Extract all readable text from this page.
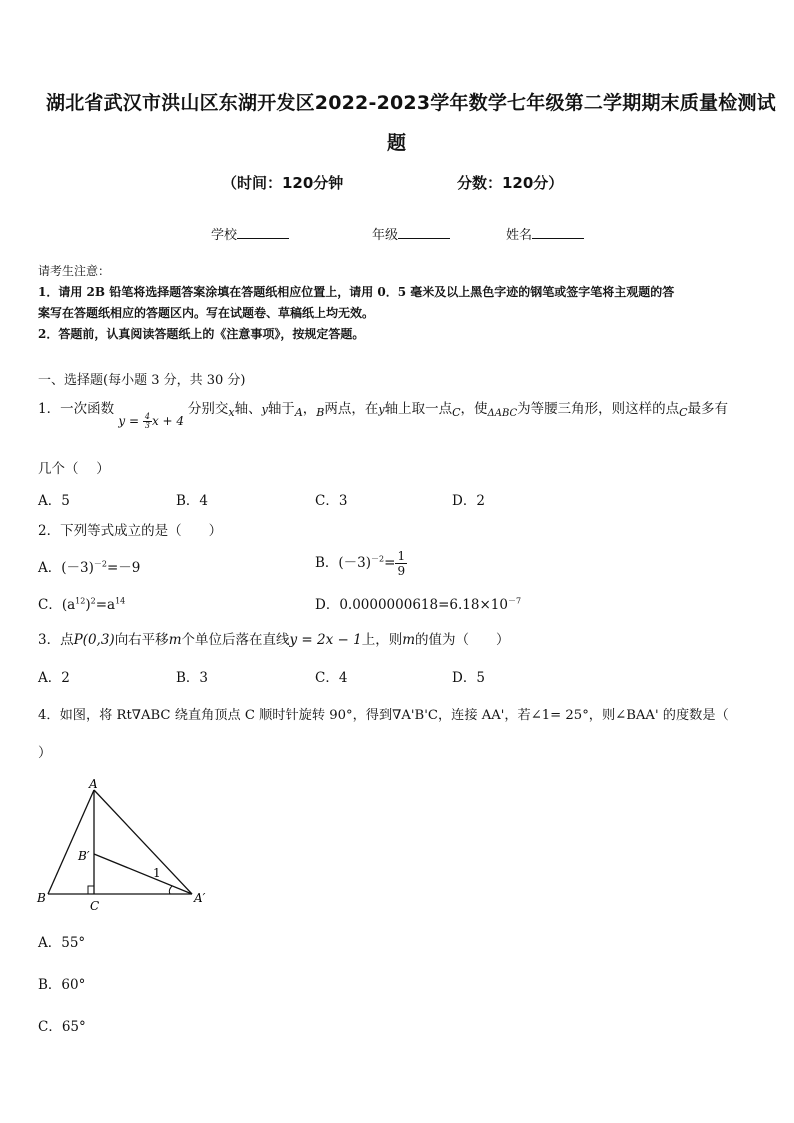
湖北省武汉市洪山区东湖开发区2022-2023学年数学七年级第二学期期末质量检测试
题
（时间：120分钟	分数：120分）
学校	年级	姓名
请考生注意：
1．请用 2B 铅笔将选择题答案涂填在答题纸相应位置上，请用 0．5 毫米及以上黑色字迹的钢笔或签字笔将主观题的答
案写在答题纸相应的答题区内。写在试题卷、草稿纸上均无效。
2．答题前，认真阅读答题纸上的《注意事项》，按规定答题。
一、选择题(每小题 3 分，共 30 分)
1．一次函数 $y = \frac{4}{3}$ x + 4 分别交$_x$轴、y轴于$_A$，$_B$两点，在y轴上取一点$_C$，使$_{\Delta ABC}$为等腰三角形，则这样的点$_C$最多有
几个（　 ）
A．5	B．4	C．3	D．2
2．下列等式成立的是（　　）
A．$(-3)^{-2}=-9$	B．$(-3)^{-2}= \frac{1}{9}$
C．$(a^{12})^2=a^{14}$	D．$0.0000000618=6.18\times 10^{-7}$
3．点P(0,3)向右平移m个单位后落在直线y = 2x − 1上，则m的值为（　　）
A．2	B．3	C．4	D．5
4．如图，将 Rt∇ABC 绕直角顶点 C 顺时针旋转 90°，得到∇A'B'C，连接 AA'，若∠1= 25°，则∠BAA' 的度数是（
）
A
B′
B
C
A′
1
A．55°
B．60°
C．65°
